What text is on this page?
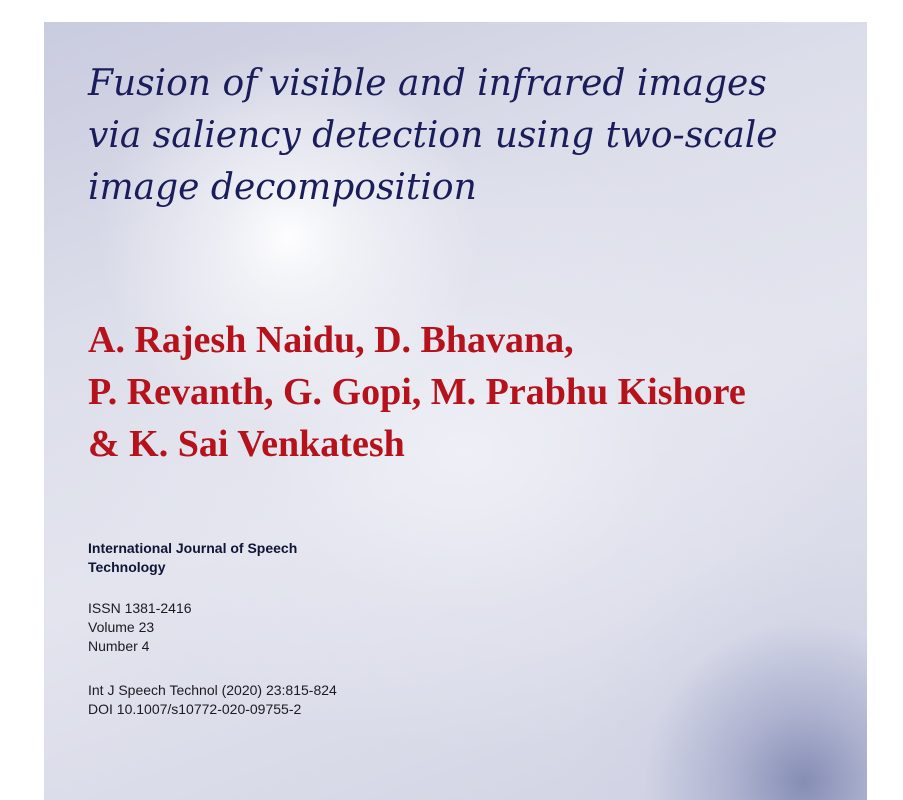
Fusion of visible and infrared images via saliency detection using two-scale image decomposition
A. Rajesh Naidu, D. Bhavana,
P. Revanth, G. Gopi, M. Prabhu Kishore
& K. Sai Venkatesh
International Journal of Speech
Technology
ISSN 1381-2416
Volume 23
Number 4
Int J Speech Technol (2020) 23:815-824
DOI 10.1007/s10772-020-09755-2
